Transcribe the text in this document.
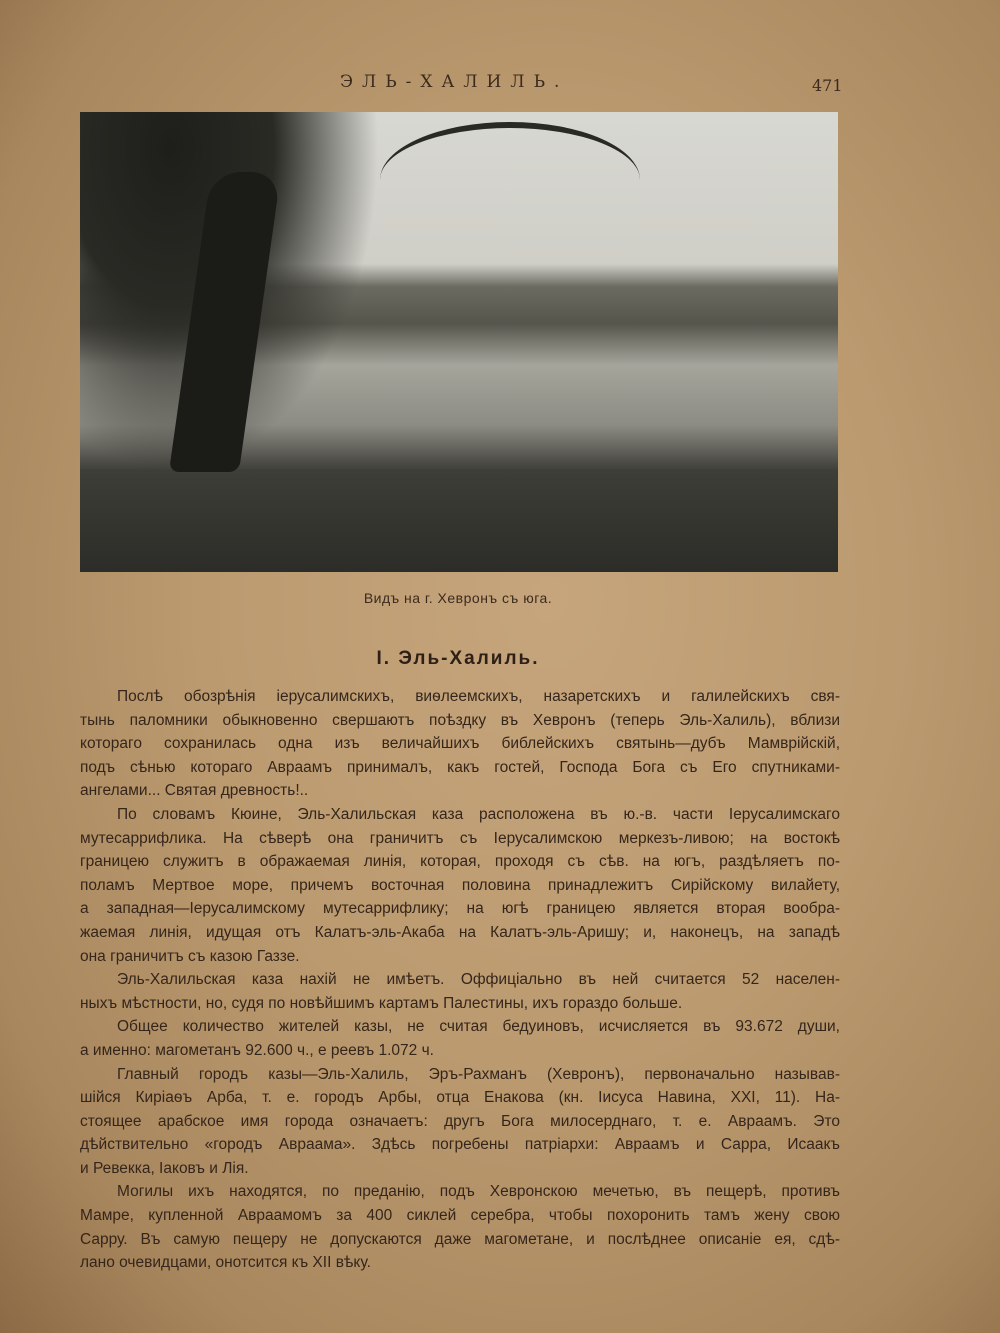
ЭЛЬ-ХАЛИЛЬ.	471
Видъ на г. Хевронъ съ юга.
I. Эль-Халиль.
Послѣ обозрѣнія іерусалимскихъ, виѳлеемскихъ, назаретскихъ и галилейскихъ свя-
тынь паломники обыкновенно свершаютъ поѣздку въ Хевронъ (теперь Эль-Халиль), вблизи
котораго сохранилась одна изъ величайшихъ библейскихъ святынь—дубъ Мамврійскій,
подъ сѣнью котораго Авраамъ принималъ, какъ гостей, Господа Бога съ Его спутниками-
ангелами... Святая древность!..
По словамъ Кюине, Эль-Халильская каза расположена въ ю.-в. части Іерусалимскаго
мутесаррифлика. На сѣверѣ она граничитъ съ Іерусалимскою меркезъ-ливою; на востокѣ
границею служитъ в ображаемая линія, которая, проходя съ сѣв. на югъ, раздѣляетъ по-
поламъ Мертвое море, причемъ восточная половина принадлежитъ Сирійскому вилайету,
а западная—Іерусалимскому мутесаррифлику; на югѣ границею является вторая вообра-
жаемая линія, идущая отъ Калатъ-эль-Акаба на Калатъ-эль-Аришу; и, наконецъ, на западѣ
она граничитъ съ казою Газзе.
Эль-Халильская каза нахій не имѣетъ. Оффиціально въ ней считается 52 населен-
ныхъ мѣстности, но, судя по новѣйшимъ картамъ Палестины, ихъ гораздо больше.
Общее количество жителей казы, не считая бедуиновъ, исчисляется въ 93.672 души,
а именно: магометанъ 92.600 ч., е реевъ 1.072 ч.
Главный городъ казы—Эль-Халиль, Эръ-Рахманъ (Хевронъ), первоначально называв-
шійся Киріаѳъ Арба, т. е. городъ Арбы, отца Енакова (кн. Іисуса Навина, XXI, 11). На-
стоящее арабское имя города означаетъ: другъ Бога милосерднаго, т. е. Авраамъ. Это
дѣйствительно «городъ Авраама». Здѣсь погребены патріархи: Авраамъ и Сарра, Исаакъ
и Ревекка, Іаковъ и Лія.
Могилы ихъ находятся, по преданію, подъ Хевронскою мечетью, въ пещерѣ, противъ
Мамре, купленной Авраамомъ за 400 сиклей серебра, чтобы похоронить тамъ жену свою
Сарру. Въ самую пещеру не допускаются даже магометане, и послѣднее описаніе ея, сдѣ-
лано очевидцами, онотсится къ XII вѣку.
